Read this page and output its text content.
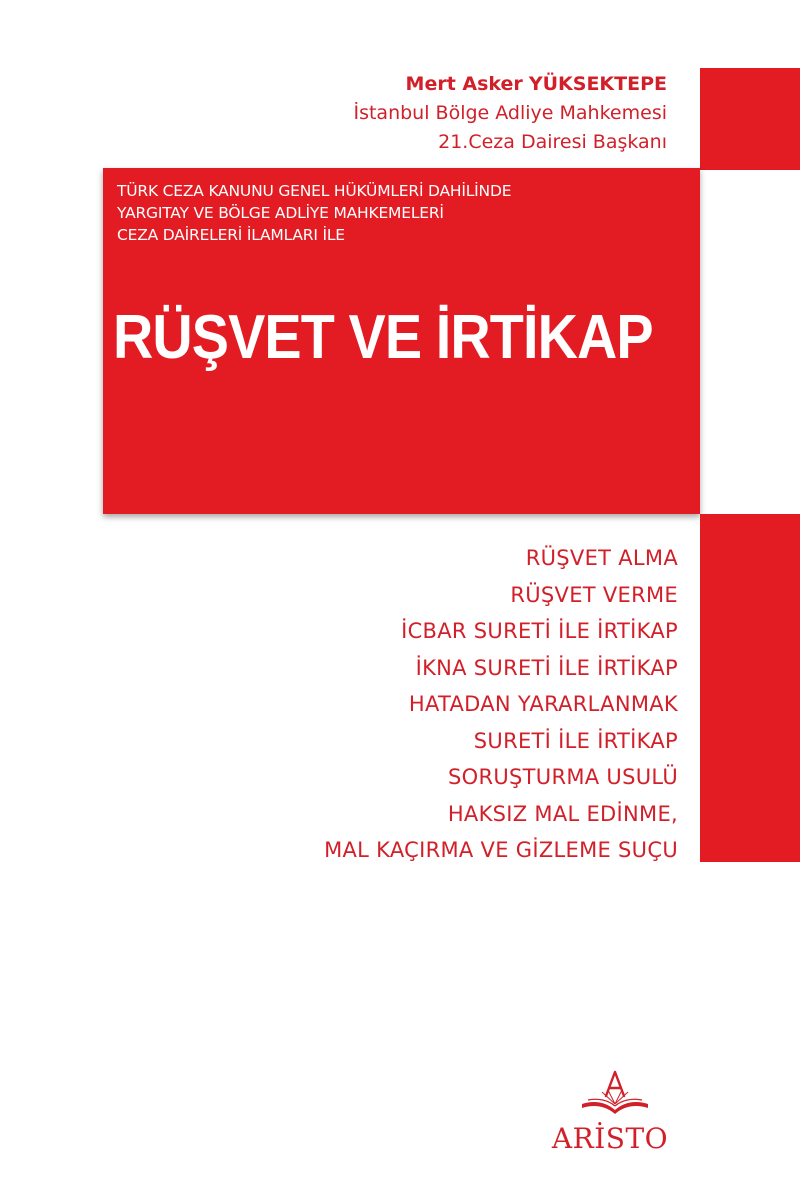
Mert Asker YÜKSEKTEPE
İstanbul Bölge Adliye Mahkemesi
21.Ceza Dairesi Başkanı
TÜRK CEZA KANUNU GENEL HÜKÜMLERİ DAHİLİNDE
YARGITAY VE BÖLGE ADLİYE MAHKEMELERİ
CEZA DAİRELERİ İLAMLARI İLE
RÜŞVET VE İRTİKAP
RÜŞVET ALMA
RÜŞVET VERME
İCBAR SURETİ İLE İRTİKAP
İKNA SURETİ İLE İRTİKAP
HATADAN YARARLANMAK
SURETİ İLE İRTİKAP
SORUŞTURMA USULÜ
HAKSIZ MAL EDİNME,
MAL KAÇIRMA VE GİZLEME SUÇU
ARİSTO
